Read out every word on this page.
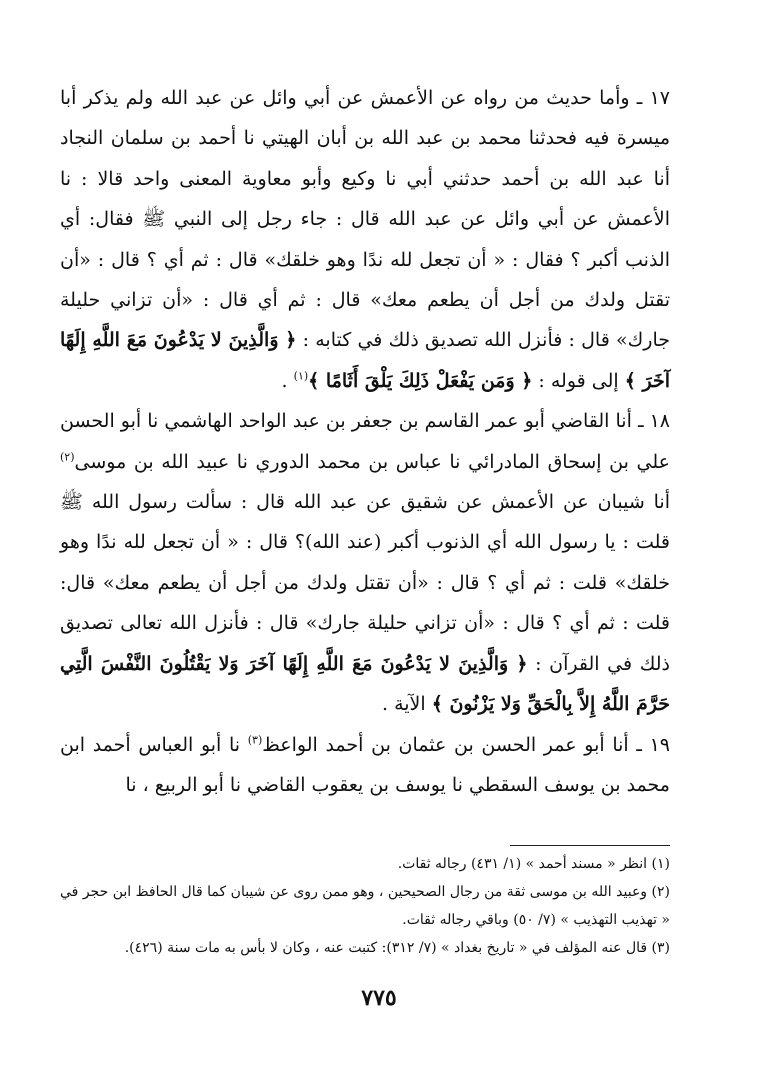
١٧ ـ وأما حديث من رواه عن الأعمش عن أبي وائل عن عبد الله ولم يذكر أبا ميسرة فيه فحدثنا محمد بن عبد الله بن أبان الهيتي نا أحمد بن سلمان النجاد أنا عبد الله بن أحمد حدثني أبي نا وكيع وأبو معاوية المعنى واحد قالا : نا الأعمش عن أبي وائل عن عبد الله قال : جاء رجل إلى النبي ﷺ فقال: أي الذنب أكبر ؟ فقال : « أن تجعل لله ندًا وهو خلقك» قال : ثم أي ؟ قال : «أن تقتل ولدك من أجل أن يطعم معك» قال : ثم أي قال : «أن تزاني حليلة جارك» قال : فأنزل الله تصديق ذلك في كتابه : ﴿ وَالَّذِينَ لا يَدْعُونَ مَعَ اللَّهِ إِلَهًا آخَرَ ﴾ إلى قوله : ﴿ وَمَن يَفْعَلْ ذَلِكَ يَلْقَ أَثَامًا ﴾$^{(١)}$ .

١٨ ـ أنا القاضي أبو عمر القاسم بن جعفر بن عبد الواحد الهاشمي نا أبو الحسن علي بن إسحاق المادرائي نا عباس بن محمد الدوري نا عبيد الله بن موسى$^{(٢)}$ أنا شيبان عن الأعمش عن شقيق عن عبد الله قال : سألت رسول الله ﷺ قلت : يا رسول الله أي الذنوب أكبر (عند الله)؟ قال : « أن تجعل لله ندًا وهو خلقك» قلت : ثم أي ؟ قال : «أن تقتل ولدك من أجل أن يطعم معك» قال: قلت : ثم أي ؟ قال : «أن تزاني حليلة جارك» قال : فأنزل الله تعالى تصديق ذلك في القرآن : ﴿ وَالَّذِينَ لا يَدْعُونَ مَعَ اللَّهِ إِلَهًا آخَرَ وَلا يَقْتُلُونَ النَّفْسَ الَّتِي حَرَّمَ اللَّهُ إِلاَّ بِالْحَقِّ وَلا يَزْنُونَ ﴾ الآية .

١٩ ـ أنا أبو عمر الحسن بن عثمان بن أحمد الواعظ$^{(٣)}$ نا أبو العباس أحمد ابن محمد بن يوسف السقطي نا يوسف بن يعقوب القاضي نا أبو الربيع ، نا

(١) انظر « مسند أحمد » (١/ ٤٣١) رجاله ثقات.

(٢) وعبيد الله بن موسى ثقة من رجال الصحيحين ، وهو ممن روى عن شيبان كما قال الحافظ ابن حجر في « تهذيب التهذيب » (٧/ ٥٠) وباقي رجاله ثقات.

(٣) قال عنه المؤلف في « تاريخ بغداد » (٧/ ٣١٢): كتبت عنه ، وكان لا بأس به مات سنة (٤٢٦).

٧٧٥
